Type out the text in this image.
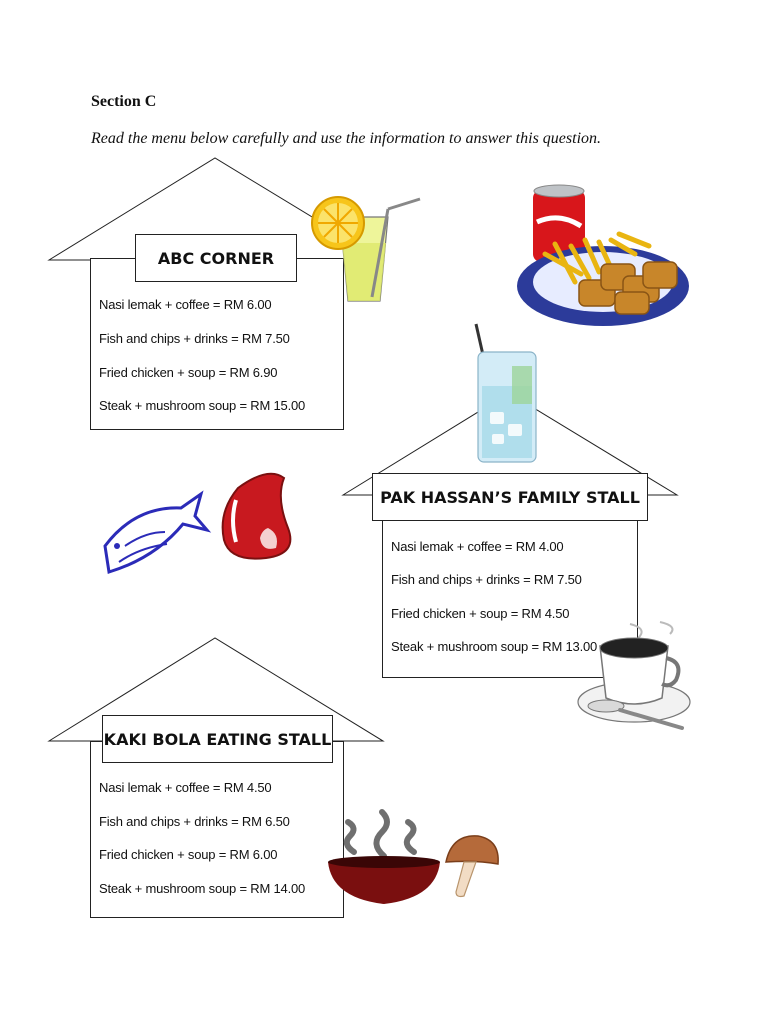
Section C
Read the menu below carefully and use the information to answer this question.
Nasi lemak + coffee = RM 6.00
Fish and chips + drinks = RM 7.50
Fried chicken + soup = RM 6.90
Steak + mushroom soup = RM 15.00
ABC CORNER
Nasi lemak + coffee = RM 4.00
Fish and chips + drinks = RM 7.50
Fried chicken + soup = RM 4.50
Steak + mushroom soup = RM 13.00
PAK HASSAN’S FAMILY STALL
Nasi lemak + coffee = RM 4.50
Fish and chips + drinks = RM 6.50
Fried chicken + soup = RM 6.00
Steak + mushroom soup = RM 14.00
KAKI BOLA EATING STALL
